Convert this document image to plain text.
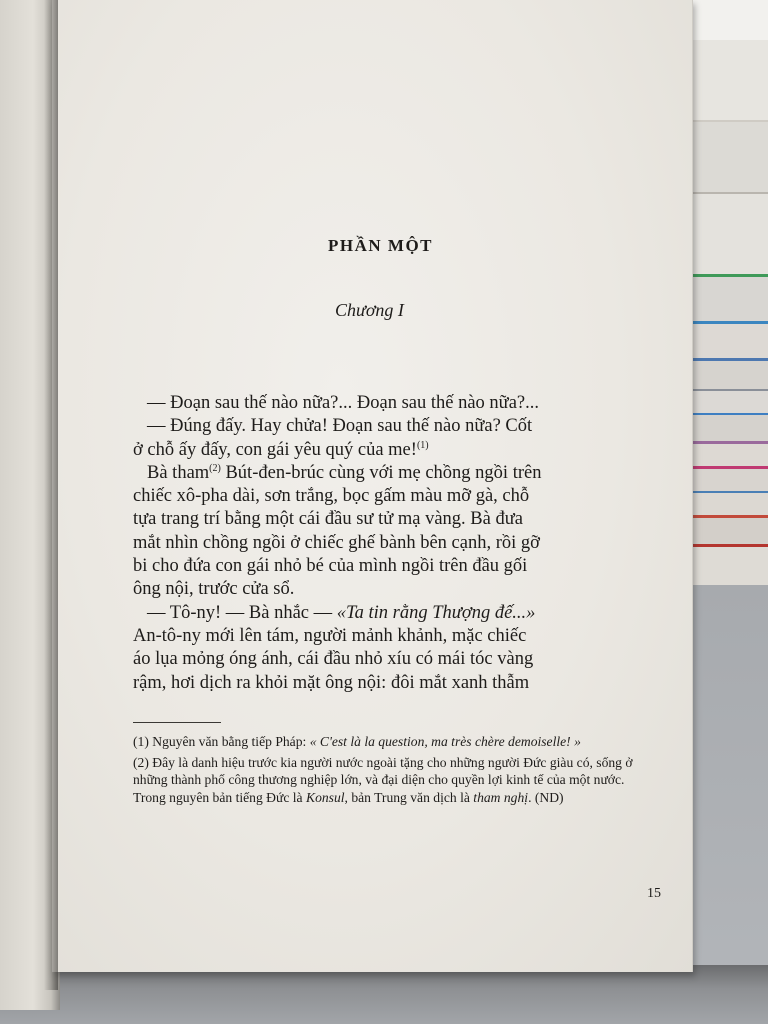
PHẦN MỘT
Chương I
— Đoạn sau thế nào nữa?... Đoạn sau thế nào nữa?...
— Đúng đấy. Hay chửa! Đoạn sau thế nào nữa? Cốt
ở chỗ ấy đấy, con gái yêu quý của me!$^{(1)}$
Bà tham$^{(2)}$ Bút-đen-brúc cùng với mẹ chồng ngồi trên
chiếc xô-pha dài, sơn trắng, bọc gấm màu mỡ gà, chỗ
tựa trang trí bằng một cái đầu sư tử mạ vàng. Bà đưa
mắt nhìn chồng ngồi ở chiếc ghế bành bên cạnh, rồi gỡ
bi cho đứa con gái nhỏ bé của mình ngồi trên đầu gối
ông nội, trước cửa sổ.
— Tô-ny! — Bà nhắc — «Ta tin rằng Thượng đế...»
An-tô-ny mới lên tám, người mảnh khảnh, mặc chiếc
áo lụa mỏng óng ánh, cái đầu nhỏ xíu có mái tóc vàng
rậm, hơi dịch ra khỏi mặt ông nội: đôi mắt xanh thẫm
(1) Nguyên văn bằng tiếp Pháp: « C'est là la question, ma très chère demoiselle! »
(2) Đây là danh hiệu trước kia người nước ngoài tặng cho những người Đức giàu có, sống ở những thành phố công thương nghiệp lớn, và đại diện cho quyền lợi kinh tế của một nước. Trong nguyên bản tiếng Đức là Konsul, bản Trung văn dịch là tham nghị. (ND)
15
